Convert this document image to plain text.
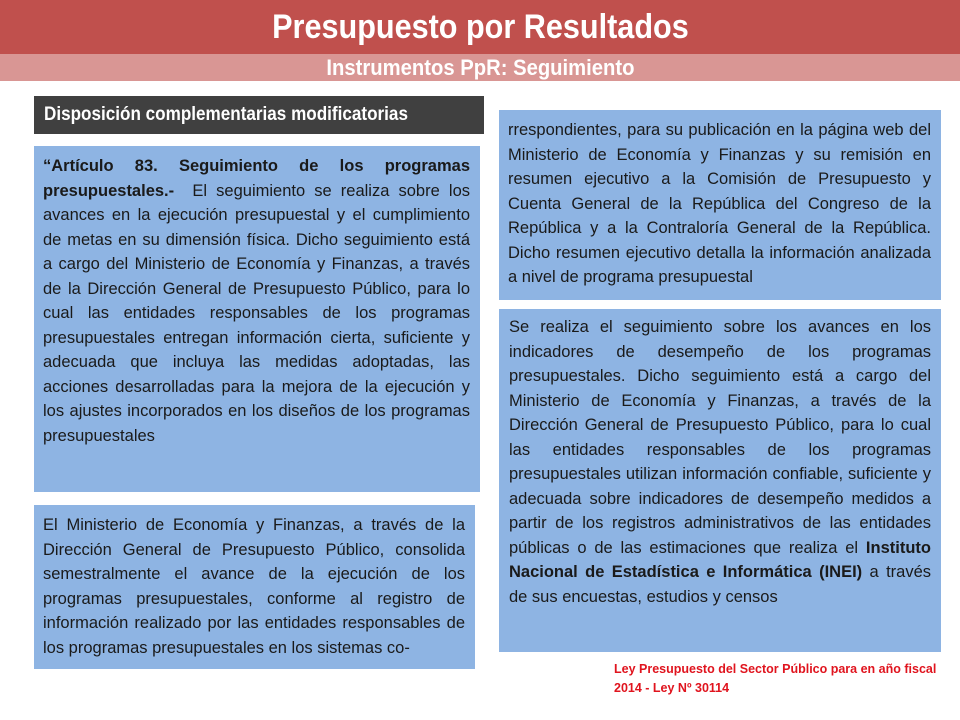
Presupuesto por Resultados
Instrumentos PpR: Seguimiento
Disposición complementarias modificatorias

“Artículo 83. Seguimiento de los programas presupuestales.- El seguimiento se realiza sobre los avances en la ejecución presupuestal y el cumplimiento de metas en su dimensión física. Dicho seguimiento está a cargo del Ministerio de Economía y Finanzas, a través de la Dirección General de Presupuesto Público, para lo cual las entidades responsables de los programas presupuestales entregan información cierta, suficiente y adecuada que incluya las medidas adoptadas, las acciones desarrolladas para la mejora de la ejecución y los ajustes incorporados en los diseños de los programas presupuestales

El Ministerio de Economía y Finanzas, a través de la Dirección General de Presupuesto Público, consolida semestralmente el avance de la ejecución de los programas presupuestales, conforme al registro de información realizado por las entidades responsables de los programas presupuestales en los sistemas co-

rrespondientes, para su publicación en la página web del Ministerio de Economía y Finanzas y su remisión en resumen ejecutivo a la Comisión de Presupuesto y Cuenta General de la República del Congreso de la República y a la Contraloría General de la República. Dicho resumen ejecutivo detalla la información analizada a nivel de programa presupuestal

Se realiza el seguimiento sobre los avances en los indicadores de desempeño de los programas presupuestales. Dicho seguimiento está a cargo del Ministerio de Economía y Finanzas, a través de la Dirección General de Presupuesto Público, para lo cual las entidades responsables de los programas presupuestales utilizan información confiable, suficiente y adecuada sobre indicadores de desempeño medidos a partir de los registros administrativos de las entidades públicas o de las estimaciones que realiza el Instituto Nacional de Estadística e Informática (INEI) a través de sus encuestas, estudios y censos

Ley Presupuesto del Sector Público para en año fiscal 2014 - Ley Nº 30114
